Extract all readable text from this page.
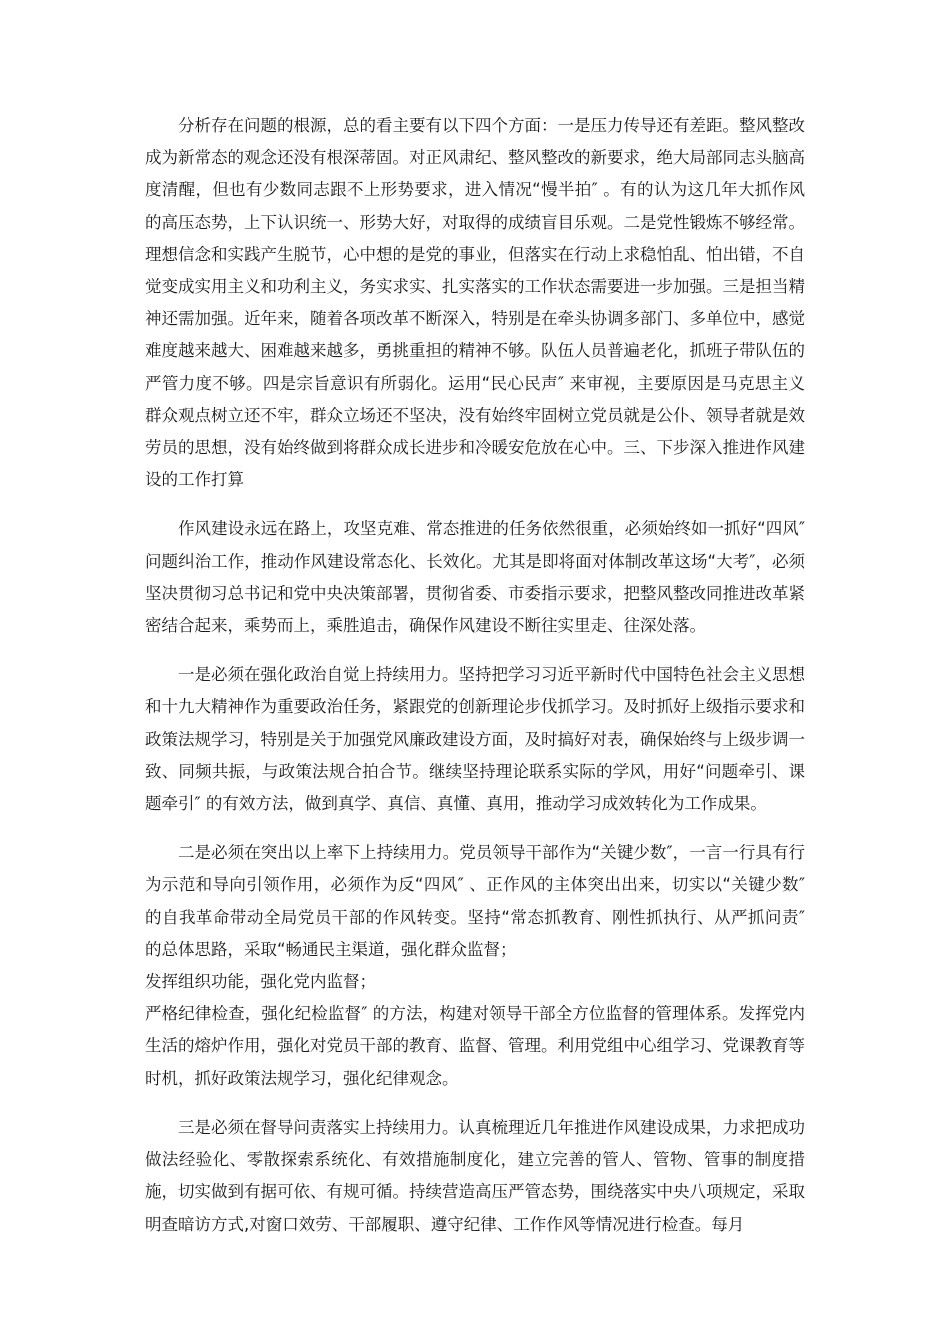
分析存在问题的根源，总的看主要有以下四个方面：一是压力传导还有差距。整风整改成为新常态的观念还没有根深蒂固。对正风肃纪、整风整改的新要求，绝大局部同志头脑高度清醒，但也有少数同志跟不上形势要求，进入情况“慢半拍″ 。有的认为这几年大抓作风的高压态势，上下认识统一、形势大好，对取得的成绩盲目乐观。二是党性锻炼不够经常。理想信念和实践产生脱节，心中想的是党的事业，但落实在行动上求稳怕乱、怕出错，不自觉变成实用主义和功利主义，务实求实、扎实落实的工作状态需要进一步加强。三是担当精神还需加强。近年来，随着各项改革不断深入，特别是在牵头协调多部门、多单位中，感觉难度越来越大、困难越来越多，勇挑重担的精神不够。队伍人员普遍老化，抓班子带队伍的严管力度不够。四是宗旨意识有所弱化。运用“民心民声″ 来审视，主要原因是马克思主义群众观点树立还不牢，群众立场还不坚决，没有始终牢固树立党员就是公仆、领导者就是效劳员的思想，没有始终做到将群众成长进步和冷暖安危放在心中。三、下步深入推进作风建设的工作打算

作风建设永远在路上，攻坚克难、常态推进的任务依然很重，必须始终如一抓好“四风″ 问题纠治工作，推动作风建设常态化、长效化。尤其是即将面对体制改革这场“大考″，必须坚决贯彻习总书记和党中央决策部署，贯彻省委、市委指示要求，把整风整改同推进改革紧密结合起来，乘势而上，乘胜追击，确保作风建设不断往实里走、往深处落。

一是必须在强化政治自觉上持续用力。坚持把学习习近平新时代中国特色社会主义思想和十九大精神作为重要政治任务，紧跟党的创新理论步伐抓学习。及时抓好上级指示要求和政策法规学习，特别是关于加强党风廉政建设方面，及时搞好对表，确保始终与上级步调一致、同频共振，与政策法规合拍合节。继续坚持理论联系实际的学风，用好“问题牵引、课题牵引″ 的有效方法，做到真学、真信、真懂、真用，推动学习成效转化为工作成果。

二是必须在突出以上率下上持续用力。党员领导干部作为“关键少数″，一言一行具有行为示范和导向引领作用，必须作为反“四风″ 、正作风的主体突出出来，切实以“关键少数″ 的自我革命带动全局党员干部的作风转变。坚持“常态抓教育、刚性抓执行、从严抓问责″ 的总体思路，采取“畅通民主渠道，强化群众监督；
发挥组织功能，强化党内监督；
严格纪律检查，强化纪检监督″ 的方法，构建对领导干部全方位监督的管理体系。发挥党内生活的熔炉作用，强化对党员干部的教育、监督、管理。利用党组中心组学习、党课教育等时机，抓好政策法规学习，强化纪律观念。

三是必须在督导问责落实上持续用力。认真梳理近几年推进作风建设成果，力求把成功做法经验化、零散探索系统化、有效措施制度化，建立完善的管人、管物、管事的制度措施，切实做到有据可依、有规可循。持续营造高压严管态势，围绕落实中央八项规定，采取明查暗访方式,对窗口效劳、干部履职、遵守纪律、工作作风等情况进行检查。每月
